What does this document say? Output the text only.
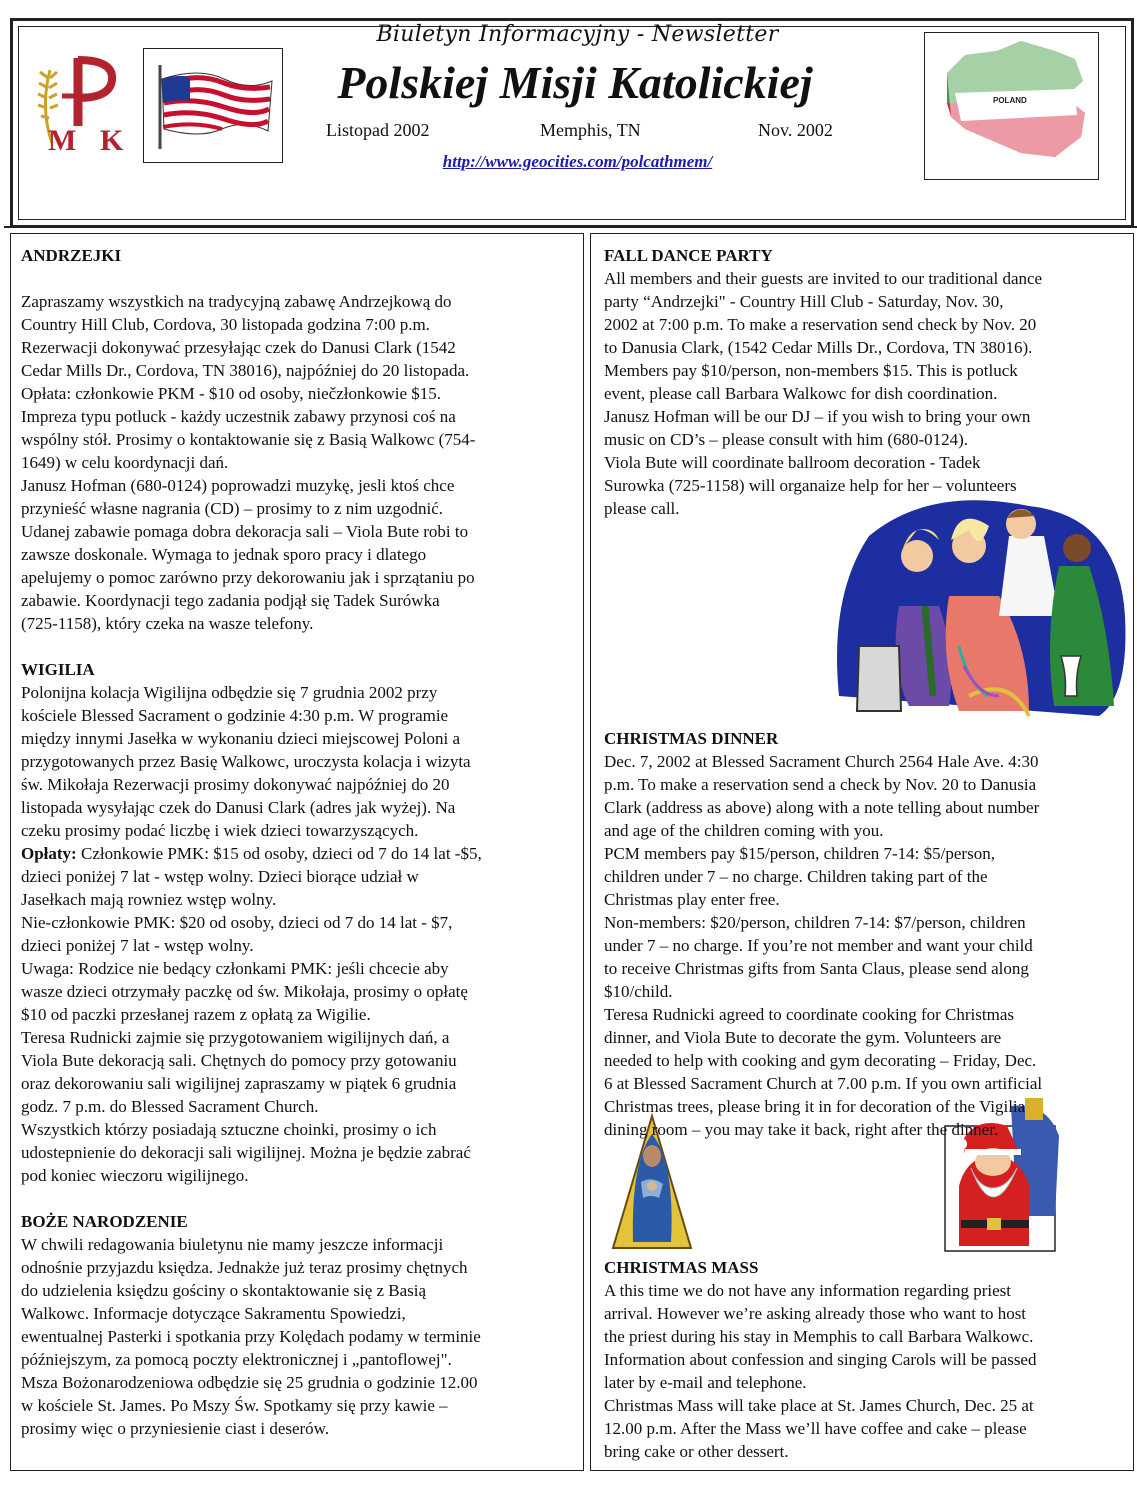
M K
POLAND
Biuletyn Informacyjny - Newsletter
Polskiej Misji Katolickiej
Listopad 2002	Memphis, TN	Nov. 2002
http://www.geocities.com/polcathmem/

ANDRZEJKI

Zapraszamy wszystkich na tradycyjną zabawę Andrzejkową do

Country Hill Club, Cordova, 30 listopada godzina 7:00 p.m.

Rezerwacji dokonywać przesyłając czek do Danusi Clark (1542

Cedar Mills Dr., Cordova, TN 38016), najpóźniej do 20 listopada.

Opłata: członkowie PKM - $10 od osoby, niečzłonkowie $15.

Impreza typu potluck - każdy uczestnik zabawy przynosi coś na

wspólny stół. Prosimy o kontaktowanie się z Basią Walkowc (754-

1649) w celu koordynacji dań.

Janusz Hofman (680-0124) poprowadzi muzykę, jesli ktoś chce

przynieść własne nagrania (CD) – prosimy to z nim uzgodnić.

Udanej zabawie pomaga dobra dekoracja sali – Viola Bute robi to

zawsze doskonale. Wymaga to jednak sporo pracy i dlatego

apelujemy o pomoc zarówno przy dekorowaniu jak i sprzątaniu po

zabawie. Koordynacji tego zadania podjął się Tadek Surówka

(725-1158), który czeka na wasze telefony.

WIGILIA

Polonijna kolacja Wigilijna odbędzie się 7 grudnia 2002 przy

kościele Blessed Sacrament o godzinie 4:30 p.m. W programie

między innymi Jasełka w wykonaniu dzieci miejscowej Poloni a

przygotowanych przez Basię Walkowc, uroczysta kolacja i wizyta

św. Mikołaja Rezerwacji prosimy dokonywać najpóźniej do 20

listopada wysyłając czek do Danusi Clark (adres jak wyżej). Na

czeku prosimy podać liczbę i wiek dzieci towarzyszących.

Opłaty: Członkowie PMK: $15 od osoby, dzieci od 7 do 14 lat -$5,

dzieci poniżej 7 lat - wstęp wolny. Dzieci biorące udział w

Jasełkach mają rowniez wstęp wolny.

Nie-członkowie PMK: $20 od osoby, dzieci od 7 do 14 lat - $7,

dzieci poniżej 7 lat - wstęp wolny.

Uwaga: Rodzice nie bedący członkami PMK: jeśli chcecie aby

wasze dzieci otrzymały paczkę od św. Mikołaja, prosimy o opłatę

$10 od paczki przesłanej razem z opłatą za Wigilie.

Teresa Rudnicki zajmie się przygotowaniem wigilijnych dań, a

Viola Bute dekoracją sali. Chętnych do pomocy przy gotowaniu

oraz dekorowaniu sali wigilijnej zapraszamy w piątek 6 grudnia

godz. 7 p.m. do Blessed Sacrament Church.

Wszystkich którzy posiadają sztuczne choinki, prosimy o ich

udostepnienie do dekoracji sali wigilijnej. Można je będzie zabrać

pod koniec wieczoru wigilijnego.

BOŻE NARODZENIE

W chwili redagowania biuletynu nie mamy jeszcze informacji

odnośnie przyjazdu księdza. Jednakże już teraz prosimy chętnych

do udzielenia księdzu gościny o skontaktowanie się z Basią

Walkowc. Informacje dotyczące Sakramentu Spowiedzi,

ewentualnej Pasterki i spotkania przy Kolędach podamy w terminie

późniejszym, za pomocą poczty elektronicznej i „pantoflowej".

Msza Bożonarodzeniowa odbędzie się 25 grudnia o godzinie 12.00

w kościele St. James. Po Mszy Św. Spotkamy się przy kawie –

prosimy więc o przyniesienie ciast i deserów.

FALL DANCE PARTY

All members and their guests are invited to our traditional dance

party “Andrzejki" - Country Hill Club - Saturday, Nov. 30,

2002 at 7:00 p.m. To make a reservation send check by Nov. 20

to Danusia Clark, (1542 Cedar Mills Dr., Cordova, TN 38016).

Members pay $10/person, non-members $15. This is potluck

event, please call Barbara Walkowc for dish coordination.

Janusz Hofman will be our DJ – if you wish to bring your own

music on CD’s – please consult with him (680-0124).

Viola Bute will coordinate ballroom decoration - Tadek

Surowka (725-1158) will organaize help for her – volunteers

please call.

CHRISTMAS DINNER

Dec. 7, 2002 at Blessed Sacrament Church 2564 Hale Ave. 4:30

p.m. To make a reservation send a check by Nov. 20 to Danusia

Clark (address as above) along with a note telling about number

and age of the children coming with you.

PCM members pay $15/person, children 7-14: $5/person,

children under 7 – no charge. Children taking part of the

Christmas play enter free.

Non-members: $20/person, children 7-14: $7/person, children

under 7 – no charge. If you’re not member and want your child

to receive Christmas gifts from Santa Claus, please send along

$10/child.

Teresa Rudnicki agreed to coordinate cooking for Christmas

dinner, and Viola Bute to decorate the gym. Volunteers are

needed to help with cooking and gym decorating – Friday, Dec.

6 at Blessed Sacrament Church at 7.00 p.m. If you own artificial

Christmas trees, please bring it in for decoration of the Vigilia

dining room – you may take it back, right after the dinner.

CHRISTMAS MASS

A this time we do not have any information regarding priest

arrival. However we’re asking already those who want to host

the priest during his stay in Memphis to call Barbara Walkowc.

Information about confession and singing Carols will be passed

later by e-mail and telephone.

Christmas Mass will take place at St. James Church, Dec. 25 at

12.00 p.m. After the Mass we’ll have coffee and cake – please

bring cake or other dessert.
